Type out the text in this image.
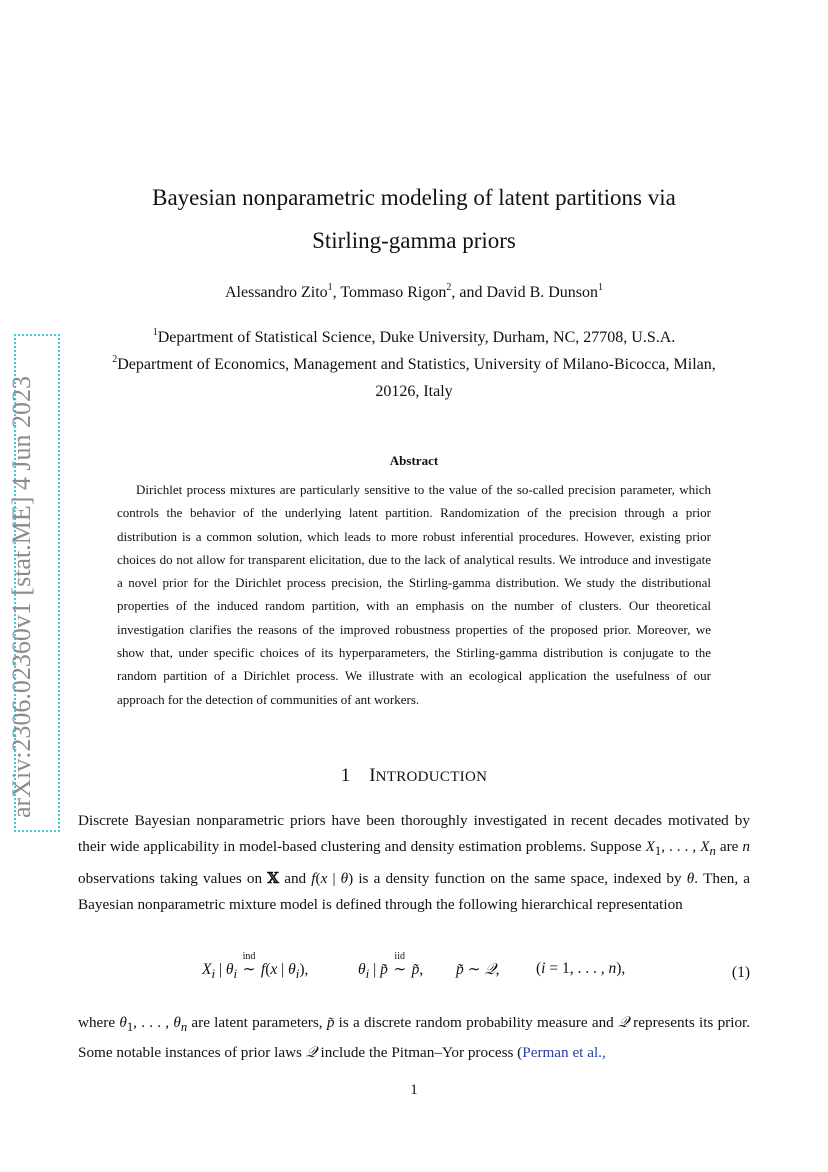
arXiv:2306.02360v1 [stat.ME] 4 Jun 2023
Bayesian nonparametric modeling of latent partitions via
Stirling-gamma priors
Alessandro Zito$^1$, Tommaso Rigon$^2$, and David B. Dunson$^1$
$^1$Department of Statistical Science, Duke University, Durham, NC, 27708, U.S.A.
$^2$Department of Economics, Management and Statistics, University of Milano-Bicocca, Milan,
20126, Italy
Abstract
Dirichlet process mixtures are particularly sensitive to the value of the so-called precision parameter, which controls the behavior of the underlying latent partition. Randomization of the precision through a prior distribution is a common solution, which leads to more robust inferential procedures. However, existing prior choices do not allow for transparent elicitation, due to the lack of analytical results. We introduce and investigate a novel prior for the Dirichlet process precision, the Stirling-gamma distribution. We study the distributional properties of the induced random partition, with an emphasis on the number of clusters. Our theoretical investigation clarifies the reasons of the improved robustness properties of the proposed prior. Moreover, we show that, under specific choices of its hyperparameters, the Stirling-gamma distribution is conjugate to the random partition of a Dirichlet process. We illustrate with an ecological application the usefulness of our approach for the detection of communities of ant workers.
1 INTRODUCTION
Discrete Bayesian nonparametric priors have been thoroughly investigated in recent decades motivated by their wide applicability in model-based clustering and density estimation problems. Suppose $X_1$, . . . , $X_n$ are n observations taking values on 𝕏 and f(x | θ) is a density function on the same space, indexed by θ. Then, a Bayesian nonparametric mixture model is defined through the following hierarchical representation
$X_i$ | $\theta_i$
ind
∼ f(x | $\theta_i$),	$\theta_i$ | p̃
iid
∼ p̃, p̃ ∼ 𝒬, (i = 1, . . . , n),	(1)
where $\theta_1$, . . . , $\theta_n$ are latent parameters, p̃ is a discrete random probability measure and 𝒬 represents its prior. Some notable instances of prior laws 𝒬 include the Pitman–Yor process (Perman et al.,
1
